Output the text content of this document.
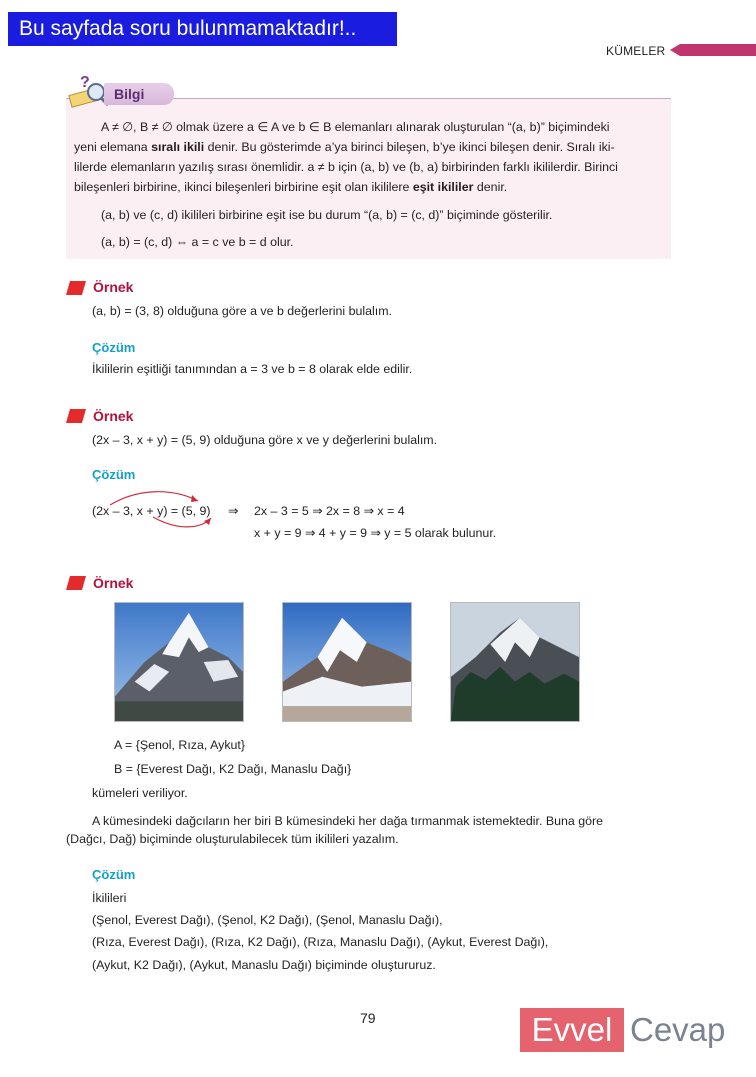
Bu sayfada soru bulunmamaktadır!..
KÜMELER
?
Bilgi
A ≠ ∅, B ≠ ∅ olmak üzere a ∈ A ve b ∈ B elemanları alınarak oluşturulan “(a, b)” biçimindeki
yeni elemana sıralı ikili denir. Bu gösterimde a’ya birinci bileşen, b’ye ikinci bileşen denir. Sıralı iki-
lilerde elemanların yazılış sırası önemlidir. a ≠ b için (a, b) ve (b, a) birbirinden farklı ikililerdir. Birinci
bileşenleri birbirine, ikinci bileşenleri birbirine eşit olan ikililere eşit ikililer denir.
(a, b) ve (c, d) ikilileri birbirine eşit ise bu durum “(a, b) = (c, d)” biçiminde gösterilir.
(a, b) = (c, d) ⇔ a = c ve b = d olur.
Örnek
(a, b) = (3, 8) olduğuna göre a ve b değerlerini bulalım.
Çözüm
İkililerin eşitliği tanımından a = 3 ve b = 8 olarak elde edilir.
Örnek
(2x – 3, x + y) = (5, 9) olduğuna göre x ve y değerlerini bulalım.
Çözüm
(2x – 3, x + y) = (5, 9) ⇒ 2x – 3 = 5 ⇒ 2x = 8 ⇒ x = 4
x + y = 9 ⇒ 4 + y = 9 ⇒ y = 5 olarak bulunur.
Örnek
A = {Şenol, Rıza, Aykut}
B = {Everest Dağı, K2 Dağı, Manaslu Dağı}
kümeleri veriliyor.
A kümesindeki dağcıların her biri B kümesindeki her dağa tırmanmak istemektedir. Buna göre
(Dağcı, Dağ) biçiminde oluşturulabilecek tüm ikilileri yazalım.
Çözüm
İkilileri
(Şenol, Everest Dağı), (Şenol, K2 Dağı), (Şenol, Manaslu Dağı),
(Rıza, Everest Dağı), (Rıza, K2 Dağı), (Rıza, Manaslu Dağı), (Aykut, Everest Dağı),
(Aykut, K2 Dağı), (Aykut, Manaslu Dağı) biçiminde oluştururuz.
79	Evvel Cevap
